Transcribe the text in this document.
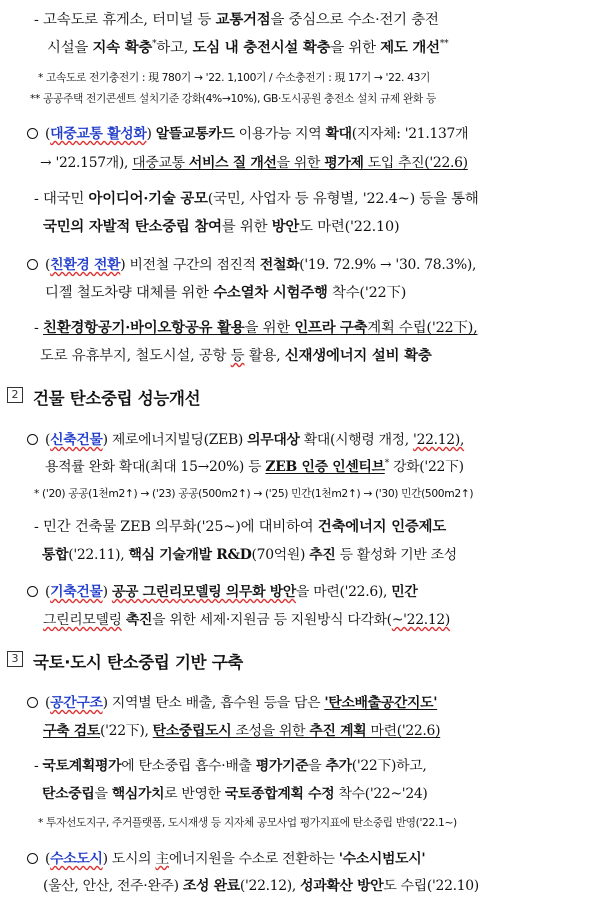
- 고속도로 휴게소, 터미널 등 교통거점을 중심으로 수소·전기 충전
시설을 지속 확충*하고, 도심 내 충전시설 확충을 위한 제도 개선**
* 고속도로 전기충전기 : 現 780기 → '22. 1,100기 / 수소충전기 : 現 17기 → '22. 43기
** 공공주택 전기콘센트 설치기준 강화(4%→10%), GB·도시공원 충전소 설치 규제 완화 등
(대중교통 활성화) 알뜰교통카드 이용가능 지역 확대(지자체: '21.137개
→ '22.157개), 대중교통 서비스 질 개선을 위한 평가제 도입 추진('22.6)
- 대국민 아이디어·기술 공모(국민, 사업자 등 유형별, '22.4~) 등을 통해
국민의 자발적 탄소중립 참여를 위한 방안도 마련('22.10)
(친환경 전환) 비전철 구간의 점진적 전철화('19. 72.9% → '30. 78.3%),
디젤 철도차량 대체를 위한 수소열차 시험주행 착수('22下)
- 친환경항공기·바이오항공유 활용을 위한 인프라 구축계획 수립('22下),
도로 유휴부지, 철도시설, 공항 등 활용, 신재생에너지 설비 확충
2 건물 탄소중립 성능개선
(신축건물) 제로에너지빌딩(ZEB) 의무대상 확대(시행령 개정, '22.12),
용적률 완화 확대(최대 15→20%) 등 ZEB 인증 인센티브* 강화('22下)
* ('20) 공공(1천m2↑) → ('23) 공공(500m2↑) → ('25) 민간(1천m2↑) → ('30) 민간(500m2↑)
- 민간 건축물 ZEB 의무화('25~)에 대비하여 건축에너지 인증제도
통합('22.11), 핵심 기술개발 R&D(70억원) 추진 등 활성화 기반 조성
(기축건물) 공공 그린리모델링 의무화 방안을 마련('22.6), 민간
그린리모델링 촉진을 위한 세제·지원금 등 지원방식 다각화(~'22.12)
3 국토·도시 탄소중립 기반 구축
(공간구조) 지역별 탄소 배출, 흡수원 등을 담은 '탄소배출공간지도'
구축 검토('22下), 탄소중립도시 조성을 위한 추진 계획 마련('22.6)
- 국토계획평가에 탄소중립 흡수·배출 평가기준을 추가('22下)하고,
탄소중립을 핵심가치로 반영한 국토종합계획 수정 착수('22~'24)
* 투자선도지구, 주거플랫폼, 도시재생 등 지자체 공모사업 평가지표에 탄소중립 반영('22.1~)
(수소도시) 도시의 主에너지원을 수소로 전환하는 '수소시범도시'
(울산, 안산, 전주·완주) 조성 완료('22.12), 성과확산 방안도 수립('22.10)
